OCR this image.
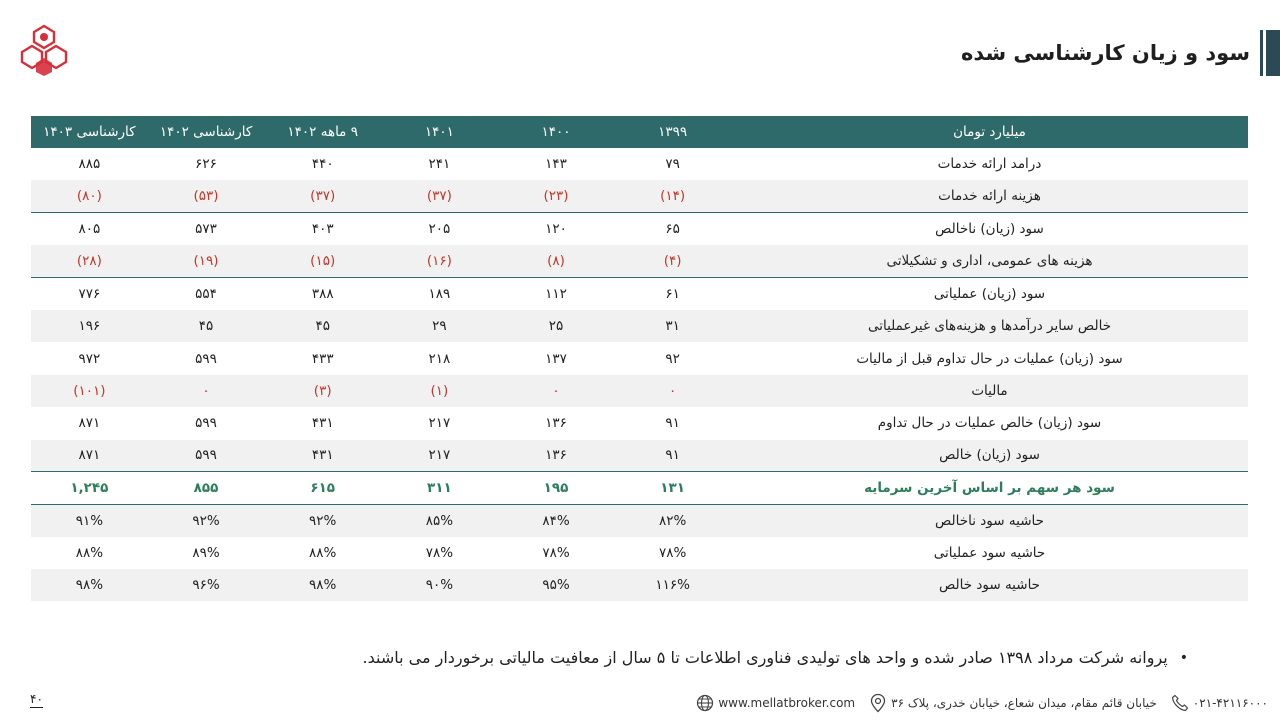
سود و زیان کارشناسی شده
میلیارد تومان	۱۳۹۹	۱۴۰۰	۱۴۰۱	۹ ماهه ۱۴۰۲	کارشناسی ۱۴۰۲	کارشناسی ۱۴۰۳
درامد ارائه خدمات	۷۹	۱۴۳	۲۴۱	۴۴۰	۶۲۶	۸۸۵
هزینه ارائه خدمات	(۱۴)	(۲۳)	(۳۷)	(۳۷)	(۵۳)	(۸۰)
سود (زیان) ناخالص	۶۵	۱۲۰	۲۰۵	۴۰۳	۵۷۳	۸۰۵
هزینه های عمومی، اداری و تشکیلاتی	(۴)	(۸)	(۱۶)	(۱۵)	(۱۹)	(۲۸)
سود (زیان) عملیاتی	۶۱	۱۱۲	۱۸۹	۳۸۸	۵۵۴	۷۷۶
خالص سایر درآمدها و هزینه‌های غیرعملیاتی	۳۱	۲۵	۲۹	۴۵	۴۵	۱۹۶
سود (زیان) عملیات در حال تداوم قبل از مالیات	۹۲	۱۳۷	۲۱۸	۴۳۳	۵۹۹	۹۷۲
مالیات	۰	۰	(۱)	(۳)	۰	(۱۰۱)
سود (زیان) خالص عملیات در حال تداوم	۹۱	۱۳۶	۲۱۷	۴۳۱	۵۹۹	۸۷۱
سود (زیان) خالص	۹۱	۱۳۶	۲۱۷	۴۳۱	۵۹۹	۸۷۱
سود هر سهم بر اساس آخرین سرمایه	۱۳۱	۱۹۵	۳۱۱	۶۱۵	۸۵۵	۱,۲۴۵
حاشیه سود ناخالص	۸۲%	۸۴%	۸۵%	۹۲%	۹۲%	۹۱%
حاشیه سود عملیاتی	۷۸%	۷۸%	۷۸%	۸۸%	۸۹%	۸۸%
حاشیه سود خالص	۱۱۶%	۹۵%	۹۰%	۹۸%	۹۶%	۹۸%
•
پروانه شرکت مرداد ۱۳۹۸ صادر شده و واحد های تولیدی فناوری اطلاعات تا ۵ سال از معافیت مالیاتی برخوردار می باشند.
۴۰	www.mellatbroker.com	خیابان قائم مقام، میدان شعاع، خیابان خدری، پلاک ۳۶	۰۲۱-۴۲۱۱۶۰۰۰
